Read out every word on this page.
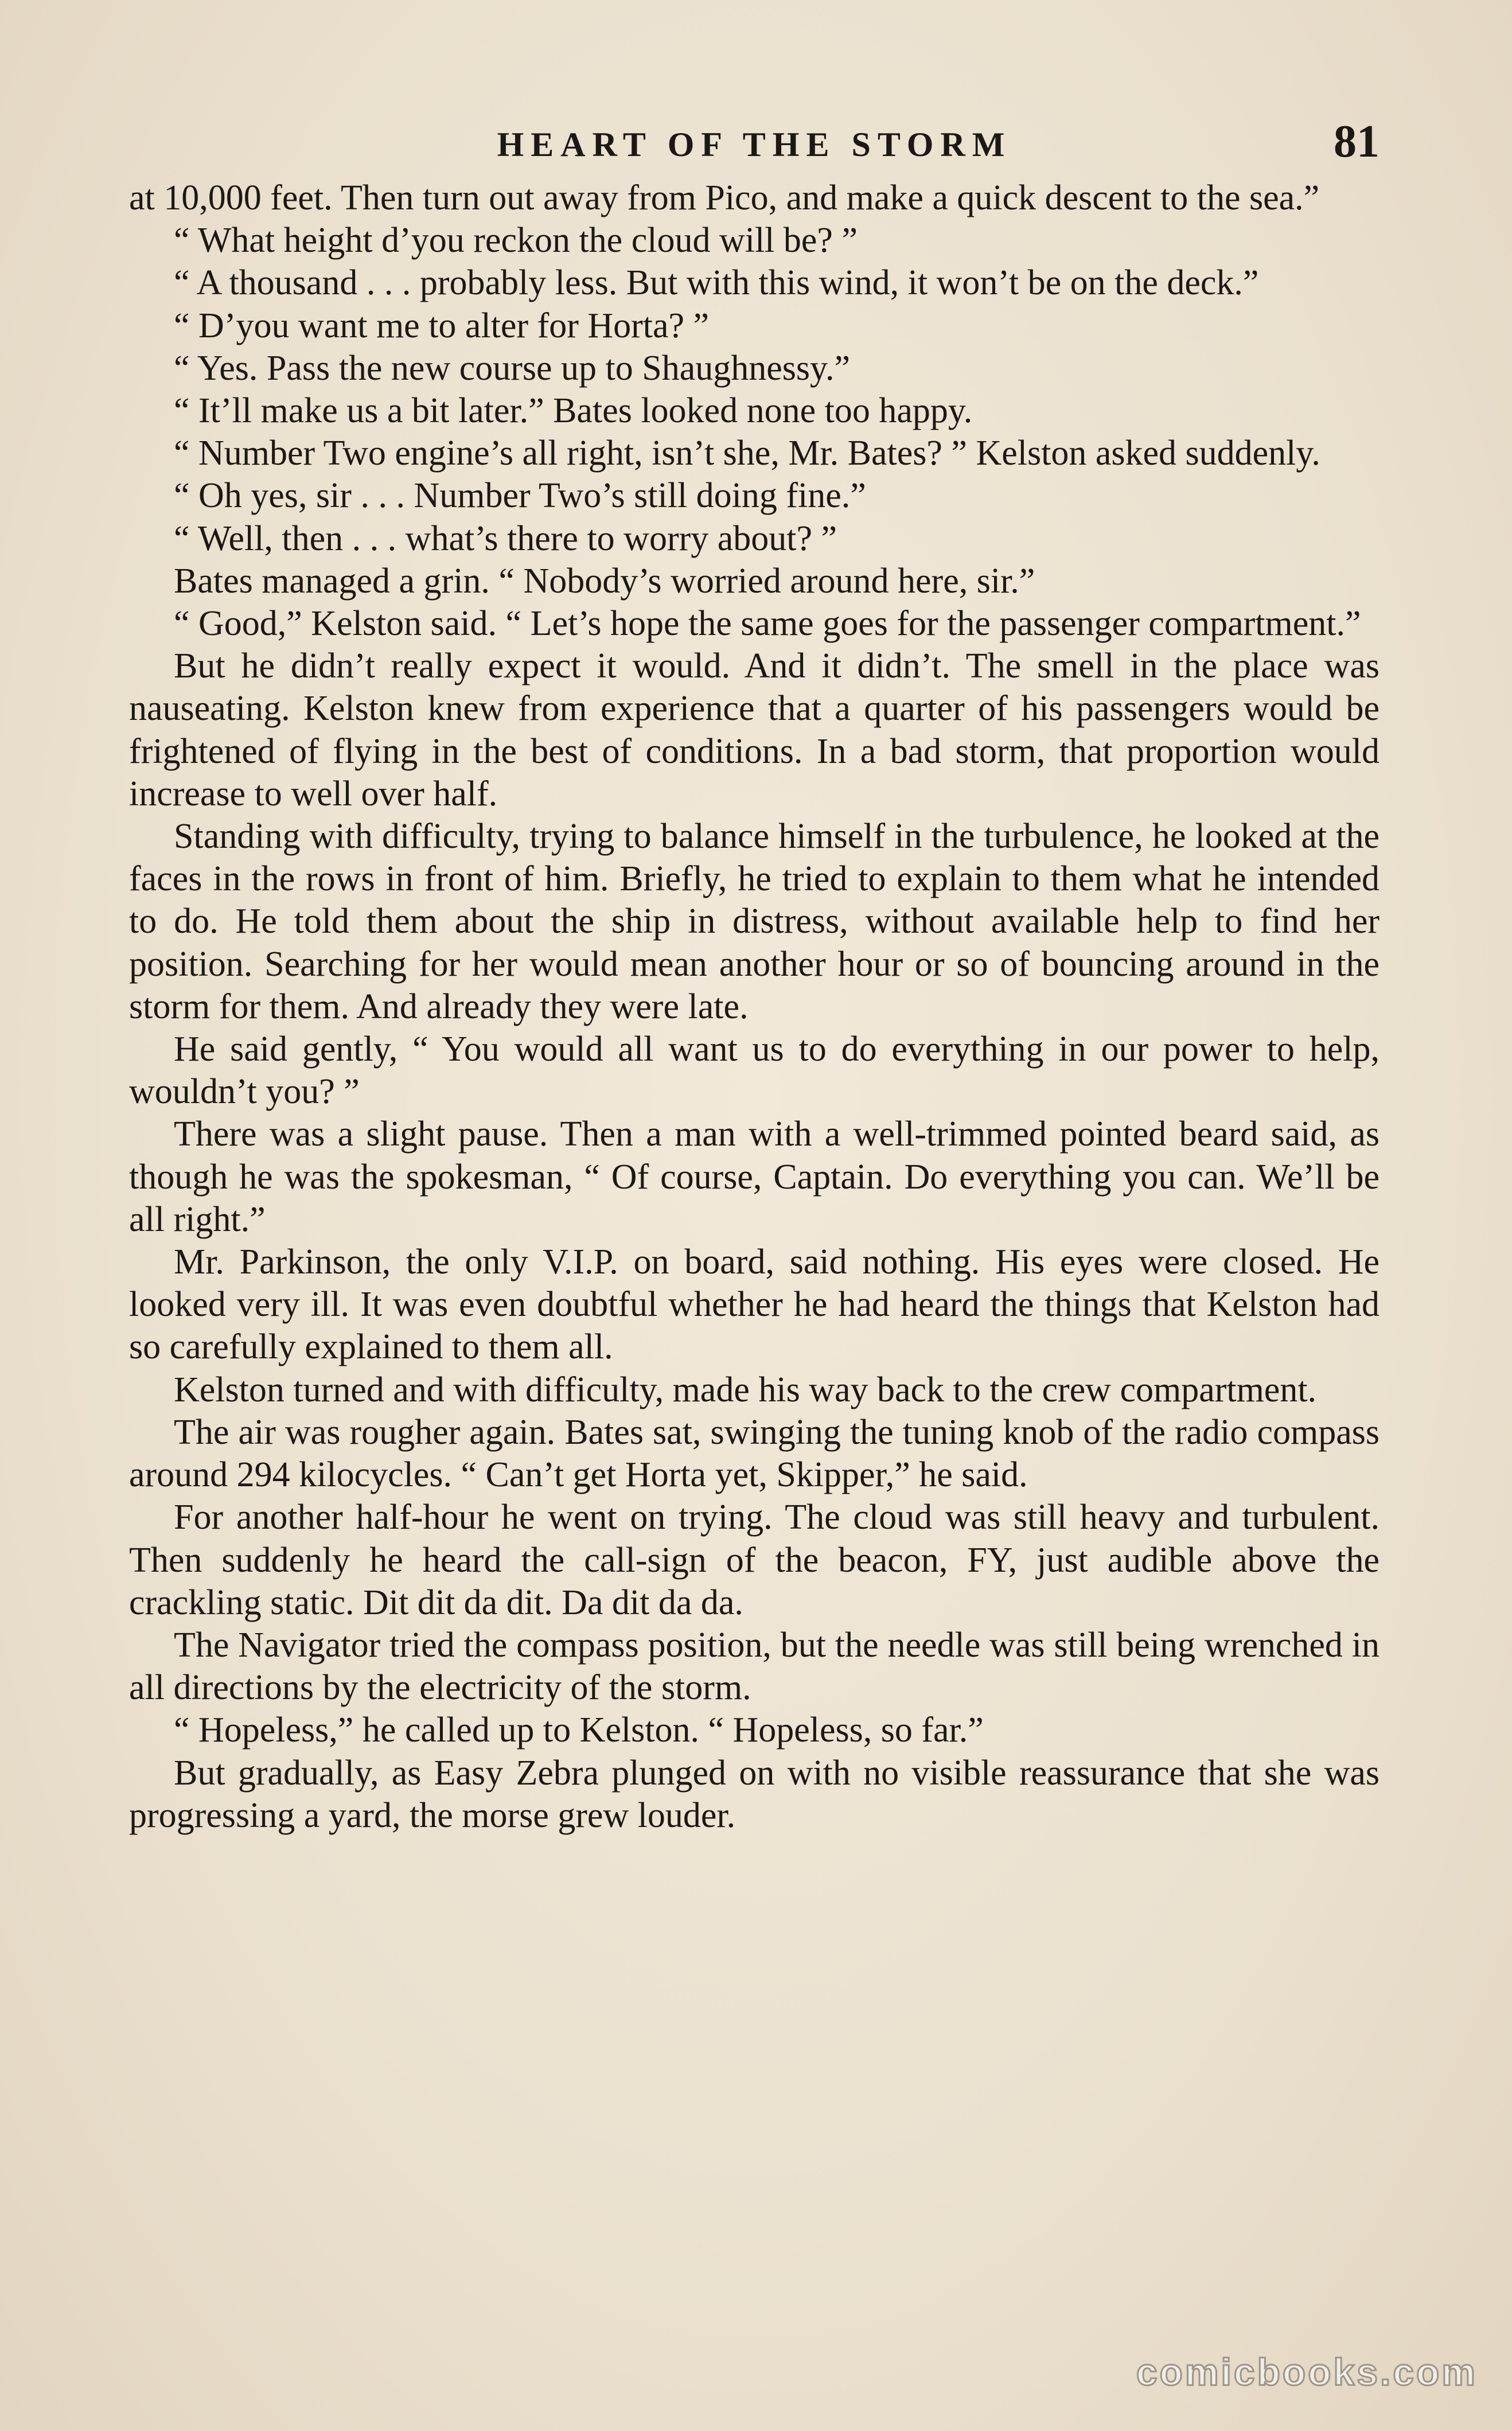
HEART OF THE STORM	81

at 10,000 feet. Then turn out away from Pico, and make a quick descent to the sea.”

“ What height d’you reckon the cloud will be? ”

“ A thousand . . . probably less. But with this wind, it won’t be on the deck.”

“ D’you want me to alter for Horta? ”

“ Yes. Pass the new course up to Shaughnessy.”

“ It’ll make us a bit later.” Bates looked none too happy.

“ Number Two engine’s all right, isn’t she, Mr. Bates? ” Kelston asked suddenly.

“ Oh yes, sir . . . Number Two’s still doing fine.”

“ Well, then . . . what’s there to worry about? ”

Bates managed a grin. “ Nobody’s worried around here, sir.”

“ Good,” Kelston said. “ Let’s hope the same goes for the passenger compartment.”

But he didn’t really expect it would. And it didn’t. The smell in the place was nauseating. Kelston knew from experience that a quarter of his passengers would be frightened of flying in the best of conditions. In a bad storm, that proportion would increase to well over half.

Standing with difficulty, trying to balance himself in the turbulence, he looked at the faces in the rows in front of him. Briefly, he tried to explain to them what he intended to do. He told them about the ship in distress, without available help to find her position. Searching for her would mean another hour or so of bouncing around in the storm for them. And already they were late.

He said gently, “ You would all want us to do everything in our power to help, wouldn’t you? ”

There was a slight pause. Then a man with a well-trimmed pointed beard said, as though he was the spokesman, “ Of course, Captain. Do everything you can. We’ll be all right.”

Mr. Parkinson, the only V.I.P. on board, said nothing. His eyes were closed. He looked very ill. It was even doubtful whether he had heard the things that Kelston had so carefully explained to them all.

Kelston turned and with difficulty, made his way back to the crew compartment.

The air was rougher again. Bates sat, swinging the tuning knob of the radio compass around 294 kilocycles. “ Can’t get Horta yet, Skipper,” he said.

For another half-hour he went on trying. The cloud was still heavy and turbulent. Then suddenly he heard the call-sign of the beacon, FY, just audible above the crackling static. Dit dit da dit. Da dit da da.

The Navigator tried the compass position, but the needle was still being wrenched in all directions by the electricity of the storm.

“ Hopeless,” he called up to Kelston. “ Hopeless, so far.”

But gradually, as Easy Zebra plunged on with no visible reassurance that she was progressing a yard, the morse grew louder.

comicbooks.com
